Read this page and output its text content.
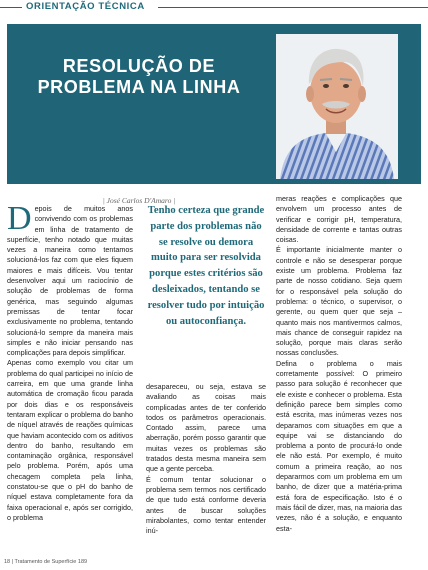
ORIENTAÇÃO TÉCNICA
RESOLUÇÃO DE
PROBLEMA NA LINHA
| José Carlos D'Amaro |

Depois de muitos anos convivendo com os problemas em linha de tratamento de superfície, tenho notado que muitas vezes a maneira como tentamos solucioná-los faz com que eles fiquem maiores e mais difíceis. Vou tentar desenvolver aqui um raciocínio de solução de problemas de forma genérica, mas seguindo algumas premissas de tentar focar exclusivamente no problema, tentando solucioná-lo sempre da maneira mais simples e não iniciar pensando nas complicações para depois simplificar.

Apenas como exemplo vou citar um problema do qual participei no início de carreira, em que uma grande linha automática de cromação ficou parada por dois dias e os responsáveis tentaram explicar o problema do banho de níquel através de reações químicas que haviam acontecido com os aditivos dentro do banho, resultando em contaminação orgânica, responsável pelo problema. Porém, após uma checagem completa pela linha, constatou-se que o pH do banho de níquel estava completamente fora da faixa operacional e, após ser corrigido, o problema

Tenho certeza que grande parte dos problemas não se resolve ou demora muito para ser resolvida porque estes critérios são desleixados, tentando se resolver tudo por intuição ou autoconfiança.

desapareceu, ou seja, estava se avaliando as coisas mais complicadas antes de ter conferido todos os parâmetros operacionais. Contado assim, parece uma aberração, porém posso garantir que muitas vezes os problemas são tratados desta mesma maneira sem que a gente perceba.

É comum tentar solucionar o problema sem termos nos certificado de que tudo está conforme deveria antes de buscar soluções mirabolantes, como tentar entender inú-

meras reações e complicações que envolvem um processo antes de verificar e corrigir pH, temperatura, densidade de corrente e tantas outras coisas.

É importante inicialmente manter o controle e não se desesperar porque existe um problema. Problema faz parte de nosso cotidiano. Seja quem for o responsável pela solução do problema: o técnico, o supervisor, o gerente, ou quem quer que seja – quanto mais nos mantivermos calmos, mais chance de conseguir rapidez na solução, porque mais claras serão nossas conclusões.

Defina o problema o mais corretamente possível: O primeiro passo para solução é reconhecer que ele existe e conhecer o problema. Esta definição parece bem simples como está escrita, mas inúmeras vezes nos deparamos com situações em que a equipe vai se distanciando do problema a ponto de procurá-lo onde ele não está. Por exemplo, é muito comum a primeira reação, ao nos depararmos com um problema em um banho, de dizer que a matéria-prima está fora de especificação. Isto é o mais fácil de dizer, mas, na maioria das vezes, não é a solução, e enquanto esta-

18 | Tratamento de Superfície 189
